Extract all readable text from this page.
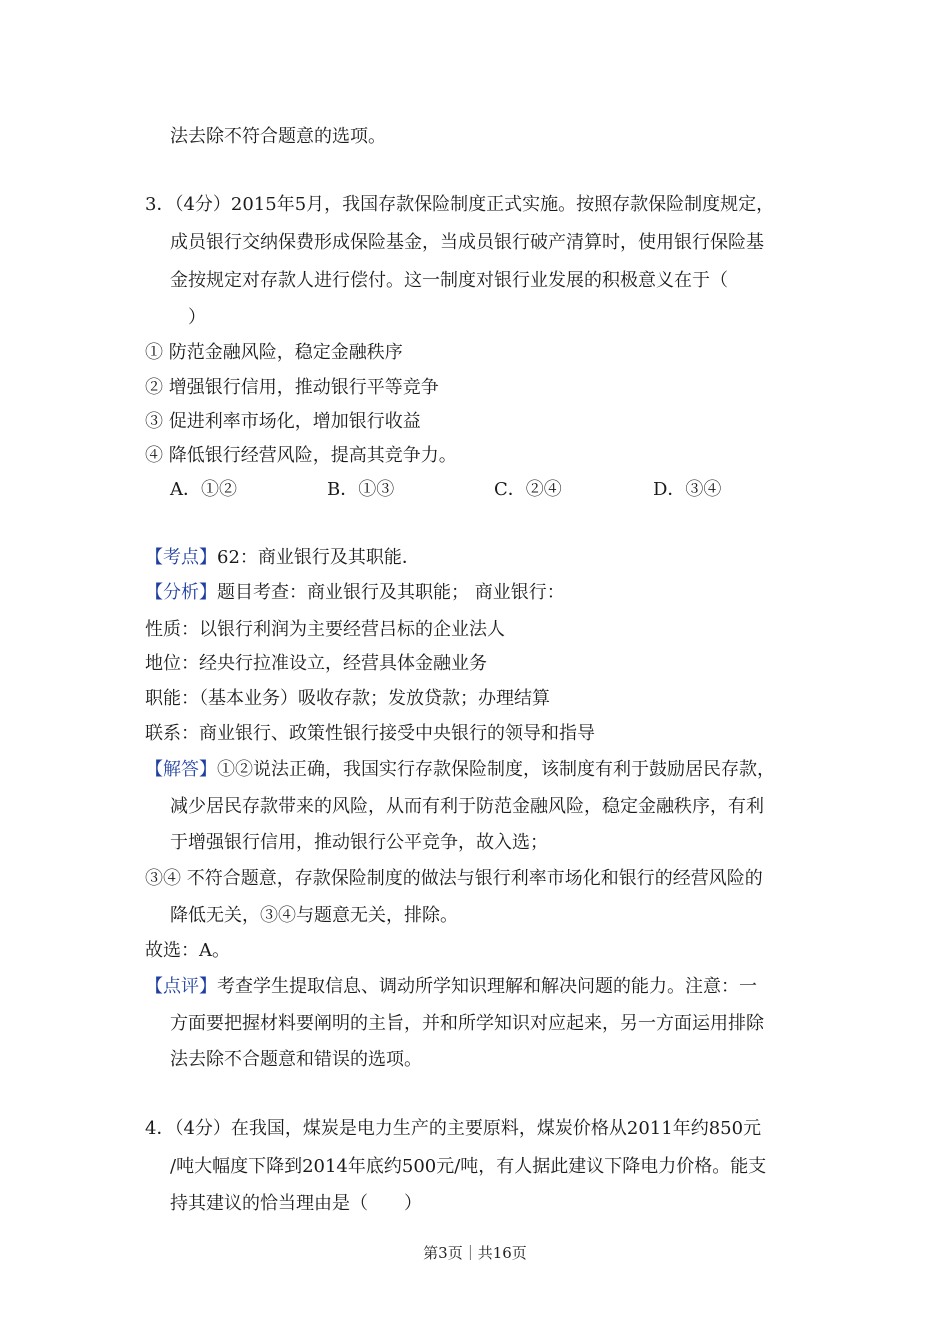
法去除不符合题意的选项。
3．（4分）2015年5月，我国存款保险制度正式实施。按照存款保险制度规定，
成员银行交纳保费形成保险基金，当成员银行破产清算时，使用银行保险基
金按规定对存款人进行偿付。这一制度对银行业发展的积极意义在于（
）
① 防范金融风险，稳定金融秩序
② 增强银行信用，推动银行平等竞争
③ 促进利率市场化，增加银行收益
④ 降低银行经营风险，提高其竞争力。
A．①②	B．①③	C．②④	D．③④
【考点】62：商业银行及其职能．
【分析】题目考查：商业银行及其职能； 商业银行：
性质：以银行利润为主要经营吕标的企业法人
地位：经央行拉准设立，经营具体金融业务
职能：（基本业务）吸收存款；发放贷款；办理结算
联系：商业银行、政策性银行接受中央银行的领导和指导
【解答】①②说法正确，我国实行存款保险制度，该制度有利于鼓励居民存款，
减少居民存款带来的风险，从而有利于防范金融风险，稳定金融秩序，有利
于增强银行信用，推动银行公平竞争，故入选；
③④ 不符合题意，存款保险制度的做法与银行利率市场化和银行的经营风险的
降低无关，③④与题意无关，排除。
故选：A。
【点评】考查学生提取信息、调动所学知识理解和解决问题的能力。注意：一
方面要把握材料要阐明的主旨，并和所学知识对应起来，另一方面运用排除
法去除不合题意和错误的选项。
4．（4分）在我国，煤炭是电力生产的主要原料，煤炭价格从2011年约850元
/吨大幅度下降到2014年底约500元/吨，有人据此建议下降电力价格。能支
持其建议的恰当理由是（　　）
第3页｜共16页
